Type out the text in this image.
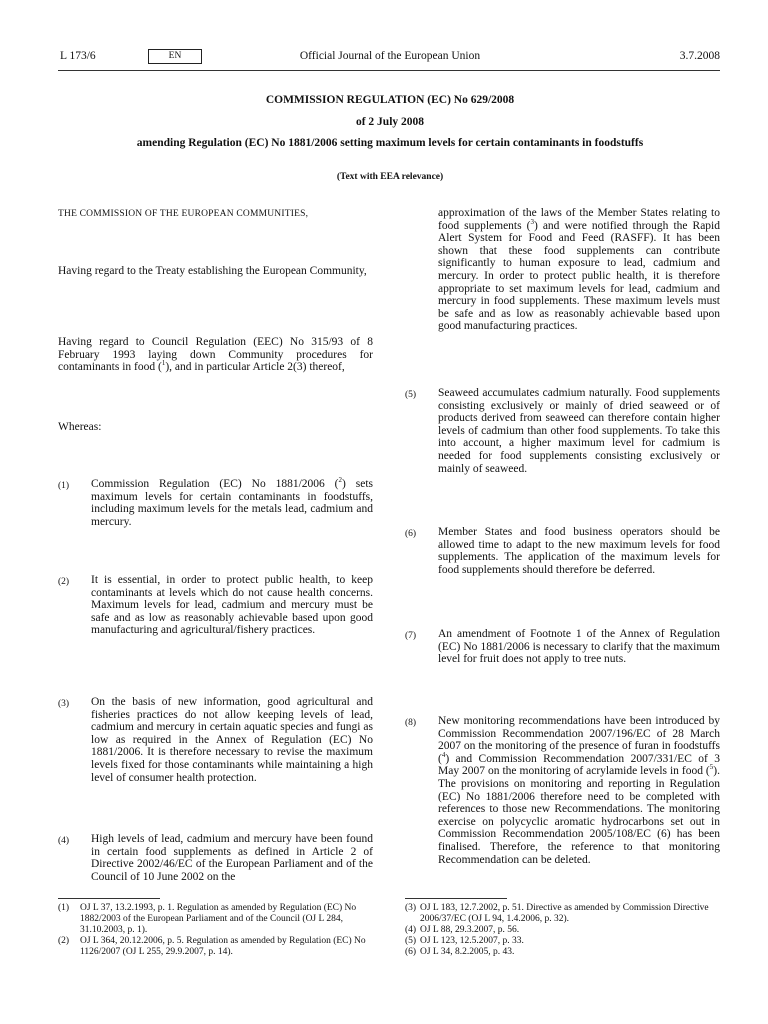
L 173/6	EN	Official Journal of the European Union	3.7.2008
COMMISSION REGULATION (EC) No 629/2008
of 2 July 2008
amending Regulation (EC) No 1881/2006 setting maximum levels for certain contaminants in foodstuffs
(Text with EEA relevance)

THE COMMISSION OF THE EUROPEAN COMMUNITIES,

Having regard to the Treaty establishing the European Community,

Having regard to Council Regulation (EEC) No 315/93 of 8 February 1993 laying down Community procedures for contaminants in food ($^1$), and in particular Article 2(3) thereof,

Whereas:

(1) Commission Regulation (EC) No 1881/2006 ($^2$) sets maximum levels for certain contaminants in foodstuffs, including maximum levels for the metals lead, cadmium and mercury.

(2) It is essential, in order to protect public health, to keep contaminants at levels which do not cause health concerns. Maximum levels for lead, cadmium and mercury must be safe and as low as reasonably achievable based upon good manufacturing and agricultural/fishery practices.

(3) On the basis of new information, good agricultural and fisheries practices do not allow keeping levels of lead, cadmium and mercury in certain aquatic species and fungi as low as required in the Annex of Regulation (EC) No 1881/2006. It is therefore necessary to revise the maximum levels fixed for those contaminants while maintaining a high level of consumer health protection.

(4) High levels of lead, cadmium and mercury have been found in certain food supplements as defined in Article 2 of Directive 2002/46/EC of the European Parliament and of the Council of 10 June 2002 on the

approximation of the laws of the Member States relating to food supplements ($^3$) and were notified through the Rapid Alert System for Food and Feed (RASFF). It has been shown that these food supplements can contribute significantly to human exposure to lead, cadmium and mercury. In order to protect public health, it is therefore appropriate to set maximum levels for lead, cadmium and mercury in food supplements. These maximum levels must be safe and as low as reasonably achievable based upon good manufacturing practices.

(5) Seaweed accumulates cadmium naturally. Food supplements consisting exclusively or mainly of dried seaweed or of products derived from seaweed can therefore contain higher levels of cadmium than other food supplements. To take this into account, a higher maximum level for cadmium is needed for food supplements consisting exclusively or mainly of seaweed.

(6) Member States and food business operators should be allowed time to adapt to the new maximum levels for food supplements. The application of the maximum levels for food supplements should therefore be deferred.

(7) An amendment of Footnote 1 of the Annex of Regulation (EC) No 1881/2006 is necessary to clarify that the maximum level for fruit does not apply to tree nuts.

(8) New monitoring recommendations have been introduced by Commission Recommendation 2007/196/EC of 28 March 2007 on the monitoring of the presence of furan in foodstuffs ($^4$) and Commission Recommendation 2007/331/EC of 3 May 2007 on the monitoring of acrylamide levels in food ($^5$). The provisions on monitoring and reporting in Regulation (EC) No 1881/2006 therefore need to be completed with references to those new Recommendations. The monitoring exercise on polycyclic aromatic hydrocarbons set out in Commission Recommendation 2005/108/EC (6) has been finalised. Therefore, the reference to that monitoring Recommendation can be deleted.

(1) OJ L 37, 13.2.1993, p. 1. Regulation as amended by Regulation (EC) No 1882/2003 of the European Parliament and of the Council (OJ L 284, 31.10.2003, p. 1).

(2) OJ L 364, 20.12.2006, p. 5. Regulation as amended by Regulation (EC) No 1126/2007 (OJ L 255, 29.9.2007, p. 14).

(3) OJ L 183, 12.7.2002, p. 51. Directive as amended by Commission Directive 2006/37/EC (OJ L 94, 1.4.2006, p. 32).

(4) OJ L 88, 29.3.2007, p. 56.

(5) OJ L 123, 12.5.2007, p. 33.

(6) OJ L 34, 8.2.2005, p. 43.
